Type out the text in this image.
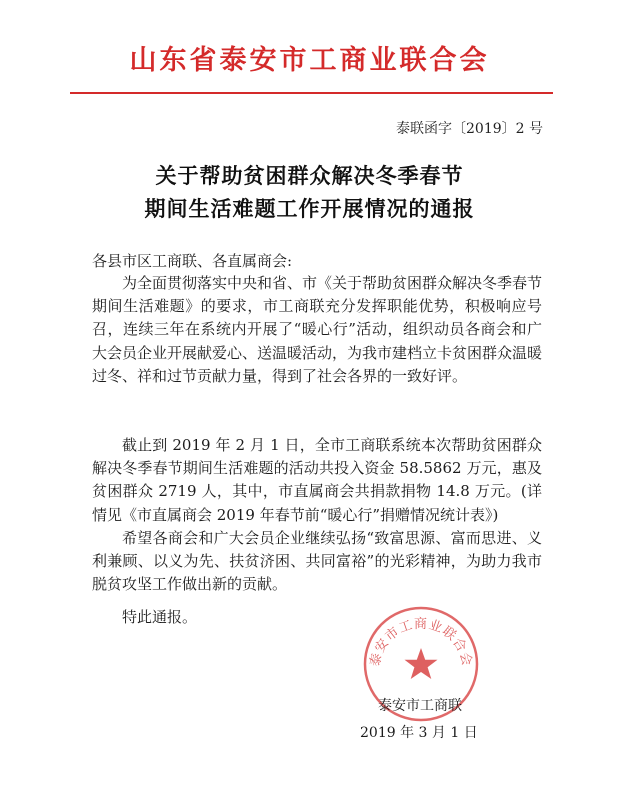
山东省泰安市工商业联合会
泰联函字〔2019〕2 号
关于帮助贫困群众解决冬季春节
期间生活难题工作开展情况的通报
各县市区工商联、各直属商会:

为全面贯彻落实中央和省、市《关于帮助贫困群众解决冬季春节期间生活难题》的要求，市工商联充分发挥职能优势，积极响应号召，连续三年在系统内开展了“暖心行”活动，组织动员各商会和广大会员企业开展献爱心、送温暖活动，为我市建档立卡贫困群众温暖过冬、祥和过节贡献力量，得到了社会各界的一致好评。

截止到 2019 年 2 月 1 日，全市工商联系统本次帮助贫困群众解决冬季春节期间生活难题的活动共投入资金 58.5862 万元，惠及贫困群众 2719 人，其中，市直属商会共捐款捐物 14.8 万元。(详情见《市直属商会 2019 年春节前“暖心行”捐赠情况统计表》)

希望各商会和广大会员企业继续弘扬“致富思源、富而思进、义利兼顾、以义为先、扶贫济困、共同富裕”的光彩精神，为助力我市脱贫攻坚工作做出新的贡献。

特此通报。

泰安市工商业联合会
泰安市工商联
2019 年 3 月 1 日
